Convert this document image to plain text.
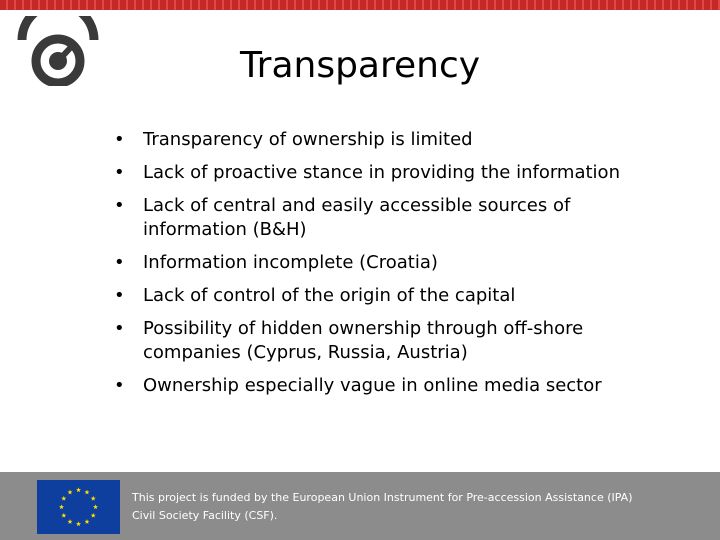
Transparency
• Transparency of ownership is limited
• Lack of proactive stance in providing the information
• Lack of central and easily accessible sources of information (B&H)
• Information incomplete (Croatia)
• Lack of control of the origin of the capital
• Possibility of hidden ownership through off-shore companies (Cyprus, Russia, Austria)
• Ownership especially vague in online media sector
This project is funded by the European Union Instrument for Pre-accession Assistance (IPA)
Civil Society Facility (CSF).
